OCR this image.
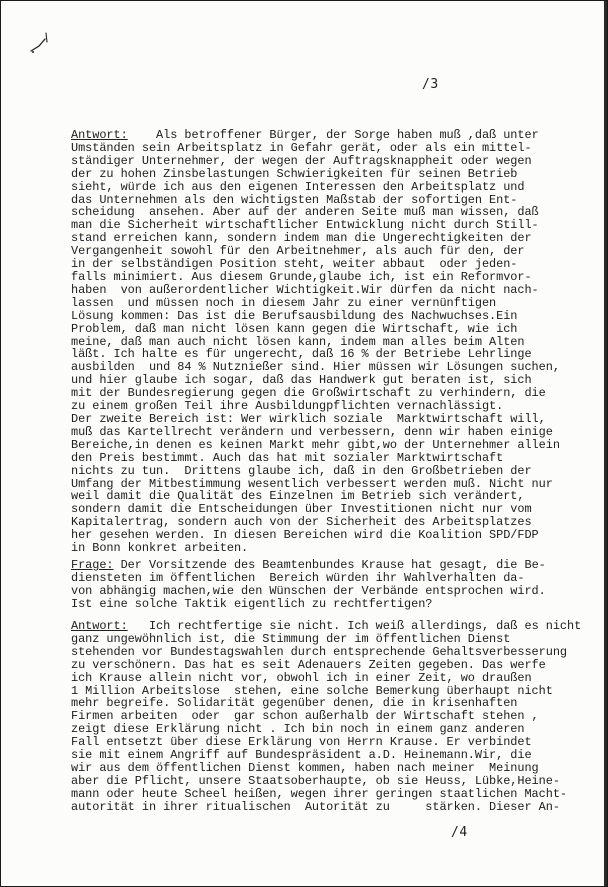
/3
Antwort:    Als betroffener Bürger, der Sorge haben muß ,daß unter
Umständen sein Arbeitsplatz in Gefahr gerät, oder als ein mittel-
ständiger Unternehmer, der wegen der Auftragsknappheit oder wegen
der zu hohen Zinsbelastungen Schwierigkeiten für seinen Betrieb
sieht, würde ich aus den eigenen Interessen den Arbeitsplatz und
das Unternehmen als den wichtigsten Maßstab der sofortigen Ent-
scheidung  ansehen. Aber auf der anderen Seite muß man wissen, daß
man die Sicherheit wirtschaftlicher Entwicklung nicht durch Still-
stand erreichen kann, sondern indem man die Ungerechtigkeiten der
Vergangenheit sowohl für den Arbeitnehmer, als auch für den, der
in der selbständigen Position steht, weiter abbaut  oder jeden-
falls minimiert. Aus diesem Grunde,glaube ich, ist ein Reformvor-
haben  von außerordentlicher Wichtigkeit.Wir dürfen da nicht nach-
lassen  und müssen noch in diesem Jahr zu einer vernünftigen
Lösung kommen: Das ist die Berufsausbildung des Nachwuchses.Ein
Problem, daß man nicht lösen kann gegen die Wirtschaft, wie ich
meine, daß man auch nicht lösen kann, indem man alles beim Alten
läßt. Ich halte es für ungerecht, daß 16 % der Betriebe Lehrlinge
ausbilden  und 84 % Nutznießer sind. Hier müssen wir Lösungen suchen,
und hier glaube ich sogar, daß das Handwerk gut beraten ist, sich
mit der Bundesregierung gegen die Großwirtschaft zu verhindern, die
zu einem großen Teil ihre Ausbildungpflichten vernachlässigt.
Der zweite Bereich ist: Wer wirklich soziale  Marktwirtschaft will,
muß das Kartellrecht verändern und verbessern, denn wir haben einige
Bereiche,in denen es keinen Markt mehr gibt,wo der Unternehmer allein
den Preis bestimmt. Auch das hat mit sozialer Marktwirtschaft
nichts zu tun.  Drittens glaube ich, daß in den Großbetrieben der
Umfang der Mitbestimmung wesentlich verbessert werden muß. Nicht nur
weil damit die Qualität des Einzelnen im Betrieb sich verändert,
sondern damit die Entscheidungen über Investitionen nicht nur vom
Kapitalertrag, sondern auch von der Sicherheit des Arbeitsplatzes
her gesehen werden. In diesen Bereichen wird die Koalition SPD/FDP
in Bonn konkret arbeiten.
Frage: Der Vorsitzende des Beamtenbundes Krause hat gesagt, die Be-
diensteten im öffentlichen  Bereich würden ihr Wahlverhalten da-
von abhängig machen,wie den Wünschen der Verbände entsprochen wird.
Ist eine solche Taktik eigentlich zu rechtfertigen?
Antwort:   Ich rechtfertige sie nicht. Ich weiß allerdings, daß es nicht
ganz ungewöhnlich ist, die Stimmung der im öffentlichen Dienst
stehenden vor Bundestagswahlen durch entsprechende Gehaltsverbesserung
zu verschönern. Das hat es seit Adenauers Zeiten gegeben. Das werfe
ich Krause allein nicht vor, obwohl ich in einer Zeit, wo draußen
1 Million Arbeitslose  stehen, eine solche Bemerkung überhaupt nicht
mehr begreife. Solidarität gegenüber denen, die in krisenhaften
Firmen arbeiten  oder  gar schon außerhalb der Wirtschaft stehen ,
zeigt diese Erklärung nicht . Ich bin noch in einem ganz anderen
Fall entsetzt über diese Erklärung von Herrn Krause. Er verbindet
sie mit einem Angriff auf Bundespräsident a.D. Heinemann.Wir, die
wir aus dem öffentlichen Dienst kommen, haben nach meiner  Meinung
aber die Pflicht, unsere Staatsoberhaupte, ob sie Heuss, Lübke,Heine-
mann oder heute Scheel heißen, wegen ihrer geringen staatlichen Macht-
autorität in ihrer ritualischen  Autorität zu     stärken. Dieser An-
/4
